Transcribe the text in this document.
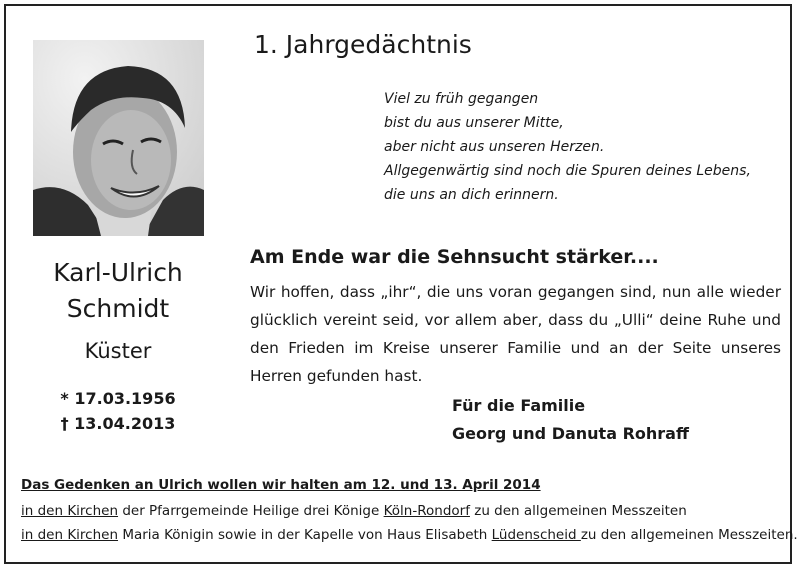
Karl-Ulrich
Schmidt
Küster
* 17.03.1956
† 13.04.2013
1. Jahrgedächtnis
Viel zu früh gegangen
bist du aus unserer Mitte,
aber nicht aus unseren Herzen.
Allgegenwärtig sind noch die Spuren deines Lebens,
die uns an dich erinnern.
Am Ende war die Sehnsucht stärker....
Wir hoffen, dass „ihr“, die uns voran gegangen sind, nun alle wieder glücklich vereint seid, vor allem aber, dass du „Ulli“ deine Ruhe und den Frieden im Kreise unserer Familie und an der Seite unseres Herren gefunden hast.
Für die Familie
Georg und Danuta Rohraff
Das Gedenken an Ulrich wollen wir halten am 12. und 13. April 2014
in den Kirchen der Pfarrgemeinde Heilige drei Könige Köln-Rondorf zu den allgemeinen Messzeiten
in den Kirchen Maria Königin sowie in der Kapelle von Haus Elisabeth Lüdenscheid zu den allgemeinen Messzeiten.
